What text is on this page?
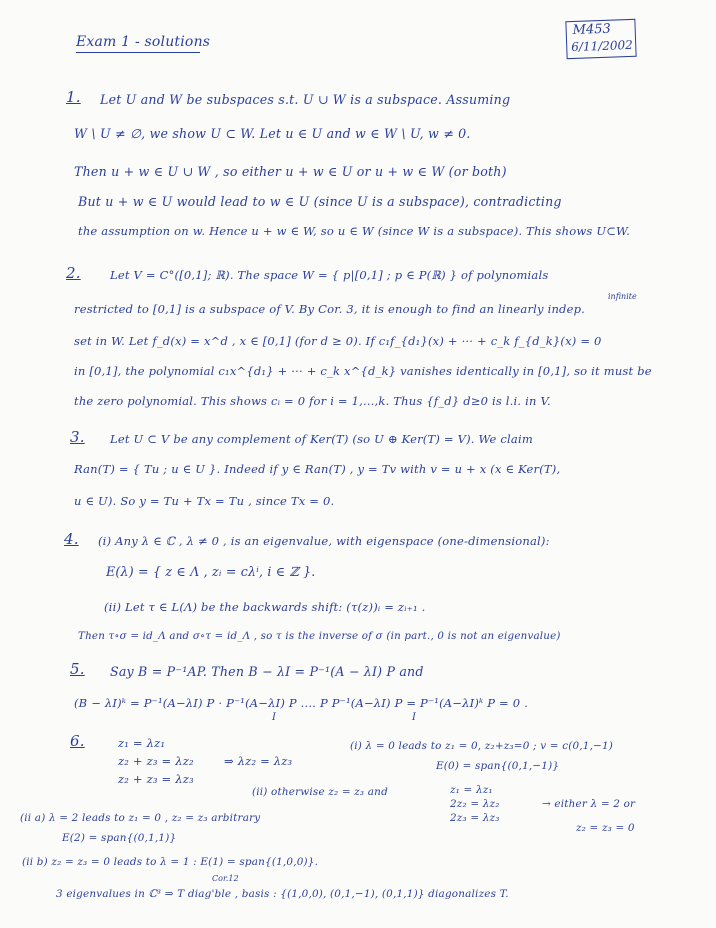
Exam 1 - solutions
M453
6/11/2002
1. Let U and W be subspaces s.t. U ∪ W is a subspace. Assuming
W \ U ≠ ∅, we show U ⊂ W. Let u ∈ U and w ∈ W \ U, w ≠ 0.
Then u + w ∈ U ∪ W , so either u + w ∈ U or u + w ∈ W (or both)
But u + w ∈ U would lead to w ∈ U (since U is a subspace), contradicting
the assumption on w. Hence u + w ∈ W, so u ∈ W (since W is a subspace). This shows U⊂W.
2.	Let V = C°([0,1]; ℝ). The space W = { p|[0,1] ; p ∈ P(ℝ) } of polynomials
infinite
restricted to [0,1] is a subspace of V. By Cor. 3, it is enough to find an linearly indep.
set in W. Let f_d(x) = x^d , x ∈ [0,1] (for d ≥ 0). If c₁f_{d₁}(x) + ··· + c_k f_{d_k}(x) = 0
in [0,1], the polynomial c₁x^{d₁} + ··· + c_k x^{d_k} vanishes identically in [0,1], so it must be
the zero polynomial. This shows cᵢ = 0 for i = 1,...,k. Thus {f_d} d≥0 is l.i. in V.
3. Let U ⊂ V be any complement of Ker(T) (so U ⊕ Ker(T) = V). We claim
Ran(T) = { Tu ; u ∈ U }. Indeed if y ∈ Ran(T) , y = Tv with v = u + x (x ∈ Ker(T),
u ∈ U). So y = Tu + Tx = Tu , since Tx = 0.
4. (i) Any λ ∈ ℂ , λ ≠ 0 , is an eigenvalue, with eigenspace (one-dimensional):
E(λ) = { z ∈ Λ , zᵢ = cλⁱ, i ∈ ℤ }.
(ii) Let τ ∈ L(Λ) be the backwards shift: (τ(z))ᵢ = zᵢ₊₁ .
Then τ∘σ = id_Λ and σ∘τ = id_Λ , so τ is the inverse of σ (in part., 0 is not an eigenvalue)
5. Say B = P⁻¹AP. Then B − λI = P⁻¹(A − λI) P and
(B − λI)ᵏ = P⁻¹(A−λI) P · P⁻¹(A−λI) P .... P P⁻¹(A−λI) P = P⁻¹(A−λI)ᵏ P = 0 .
I	I
6.	z₁ = λz₁
z₂ + z₃ = λz₂
z₂ + z₃ = λz₃
⇒ λz₂ = λz₃
(i) λ = 0 leads to z₁ = 0, z₂+z₃=0 ; v = c(0,1,−1)
E(0) = span{(0,1,−1)}
(ii) otherwise z₂ = z₃ and	z₁ = λz₁
2z₂ = λz₂
2z₃ = λz₃
→ either λ = 2 or
z₂ = z₃ = 0
(ii a) λ = 2 leads to z₁ = 0 , z₂ = z₃ arbitrary
E(2) = span{(0,1,1)}
(ii b) z₂ = z₃ = 0 leads to λ = 1 : E(1) = span{(1,0,0)}.
Cor.12
3 eigenvalues in ℂ³ ⇒ T diag'ble , basis : {(1,0,0), (0,1,−1), (0,1,1)} diagonalizes T.
